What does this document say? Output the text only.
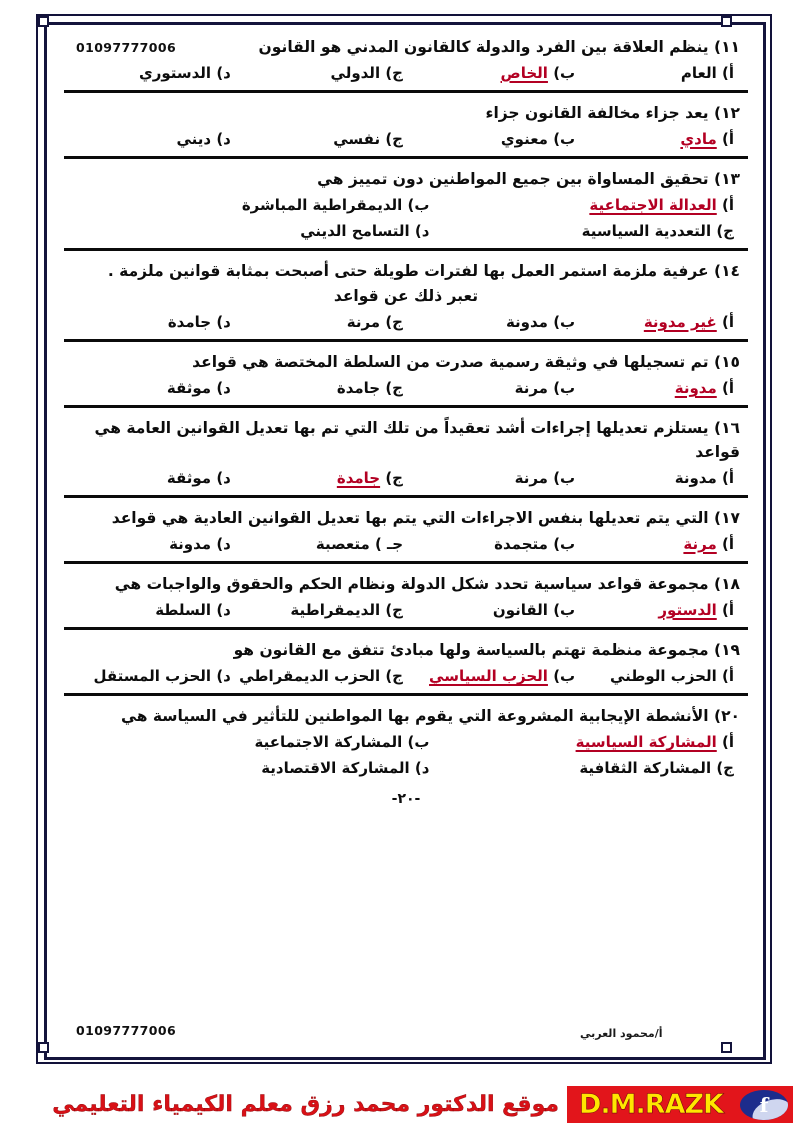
01097777006	١١) ينظم العلاقة بين الفرد والدولة كالقانون المدني هو القانون
أ) العام
ب) الخاص
ج) الدولي
د) الدستوري
١٢) يعد جزاء مخالفة القانون جزاء
أ) مادي
ب) معنوي
ج) نفسي
د) ديني
١٣) تحقيق المساواة بين جميع المواطنين دون تمييز هي
أ) العدالة الاجتماعية
ب) الديمقراطية المباشرة
ج) التعددية السياسية
د) التسامح الديني
١٤) عرفية ملزمة استمر العمل بها لفترات طويلة حتى أصبحت بمثابة قوانين ملزمة .
تعبر ذلك عن قواعد
أ) غير مدونة
ب) مدونة
ج) مرنة
د) جامدة
١٥) تم تسجيلها في وثيقة رسمية صدرت من السلطة المختصة هي قواعد
أ) مدونة
ب) مرنة
ج) جامدة
د) موثقة
١٦) يستلزم تعديلها إجراءات أشد تعقيداً من تلك التي تم بها تعديل القوانين العامة هي قواعد
أ) مدونة
ب) مرنة
ج) جامدة
د) موثقة
١٧) التي يتم تعديلها بنفس الاجراءات التي يتم بها تعديل القوانين العادية هي قواعد
أ) مرنة
ب) متجمدة
جـ ) متعصبة
د) مدونة
١٨) مجموعة قواعد سياسية تحدد شكل الدولة ونظام الحكم والحقوق والواجبات هي
أ) الدستور
ب) القانون
ج) الديمقراطية
د) السلطة
١٩) مجموعة منظمة تهتم بالسياسة ولها مبادئ تتفق مع القانون هو
أ) الحزب الوطني
ب) الحزب السياسي
ج) الحزب الديمقراطي
د) الحزب المستقل
٢٠) الأنشطة الإيجابية المشروعة التي يقوم بها المواطنين للتأثير في السياسة هي
أ) المشاركة السياسية
ب) المشاركة الاجتماعية
ج) المشاركة الثقافية
د) المشاركة الاقتصادية
-٢٠-
01097777006	أ/محمود العربي
موقع الدكتور محمد رزق معلم الكيمياء التعليمي D.M.RAZK	f
